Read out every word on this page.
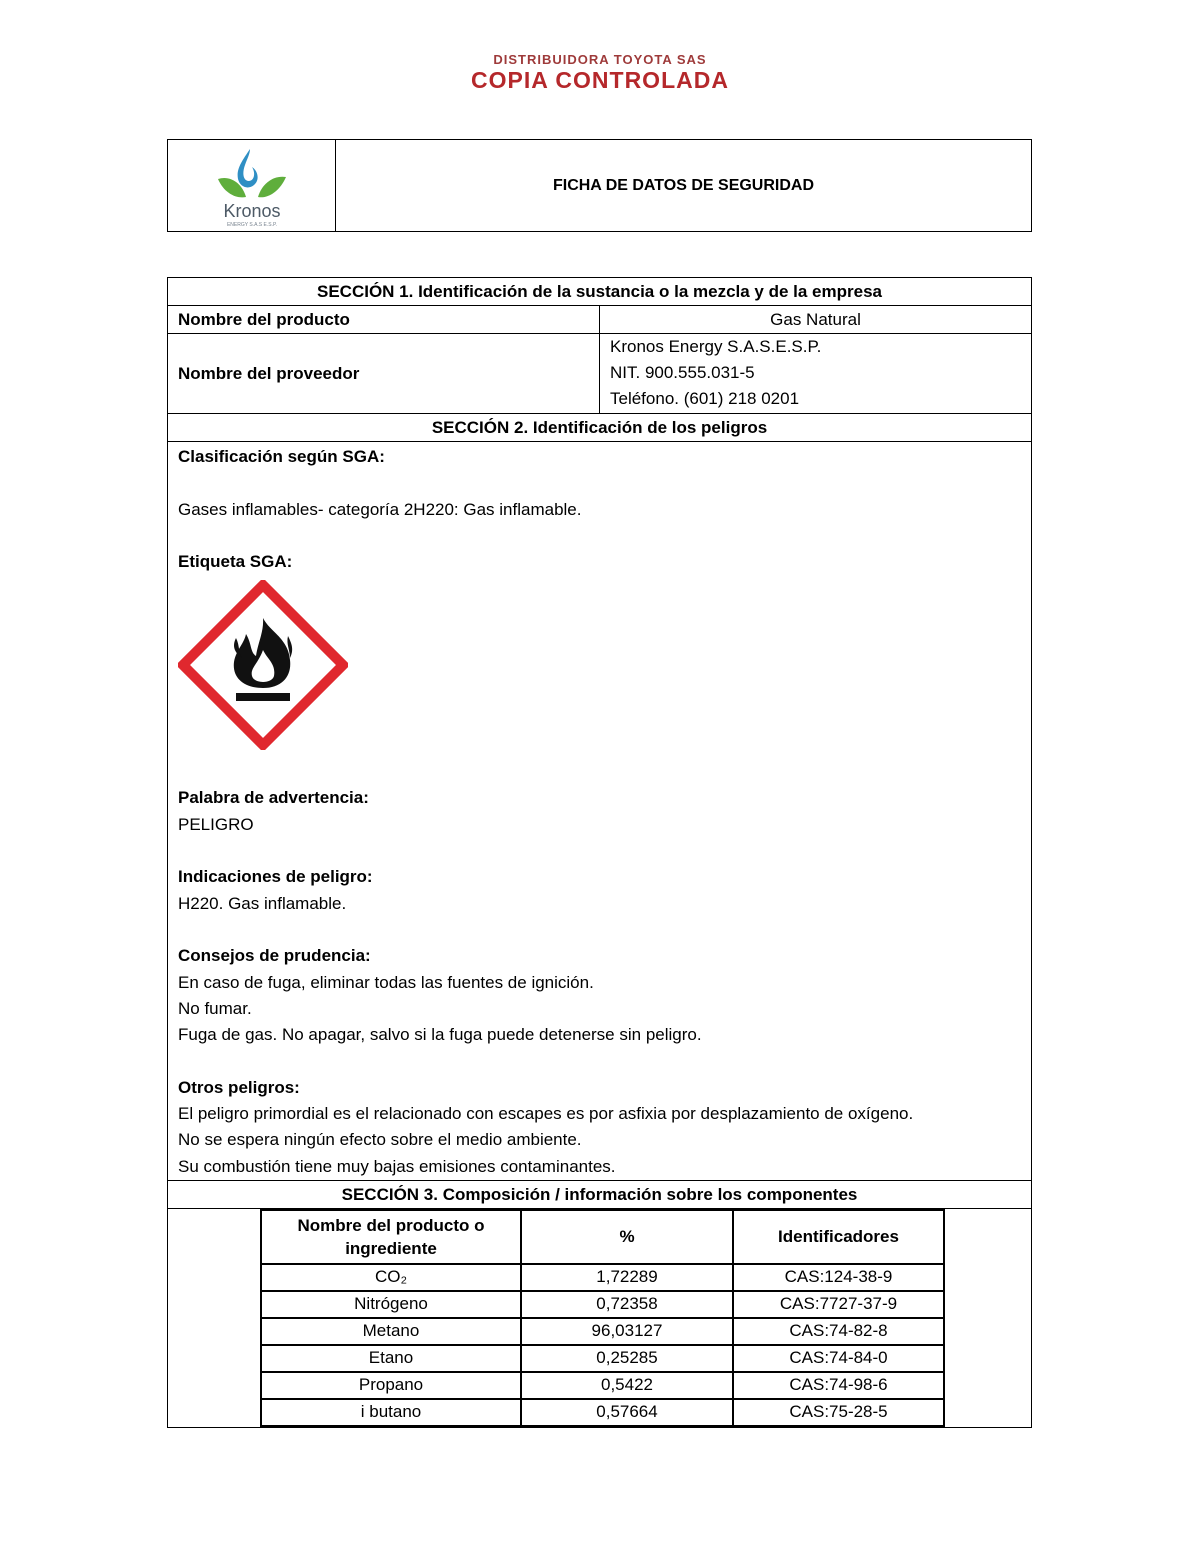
DISTRIBUIDORA TOYOTA SAS
COPIA CONTROLADA
Kronos
ENERGY S.A.S E.S.P.
FICHA DE DATOS DE SEGURIDAD
SECCIÓN 1. Identificación de la sustancia o la mezcla y de la empresa
Nombre del producto	Gas Natural
Nombre del proveedor
Kronos Energy S.A.S.E.S.P.
NIT. 900.555.031-5
Teléfono. (601) 218 0201
SECCIÓN 2. Identificación de los peligros
Clasificación según SGA:
Gases inflamables- categoría 2H220: Gas inflamable.
Etiqueta SGA:
Palabra de advertencia:
PELIGRO
Indicaciones de peligro:
H220. Gas inflamable.
Consejos de prudencia:
En caso de fuga, eliminar todas las fuentes de ignición.
No fumar.
Fuga de gas. No apagar, salvo si la fuga puede detenerse sin peligro.
Otros peligros:
El peligro primordial es el relacionado con escapes es por asfixia por desplazamiento de oxígeno.
No se espera ningún efecto sobre el medio ambiente.
Su combustión tiene muy bajas emisiones contaminantes.
SECCIÓN 3. Composición / información sobre los componentes
Nombre del producto o ingrediente	%	Identificadores
CO₂	1,72289	CAS:124-38-9
Nitrógeno	0,72358	CAS:7727-37-9
Metano	96,03127	CAS:74-82-8
Etano	0,25285	CAS:74-84-0
Propano	0,5422	CAS:74-98-6
i butano	0,57664	CAS:75-28-5
